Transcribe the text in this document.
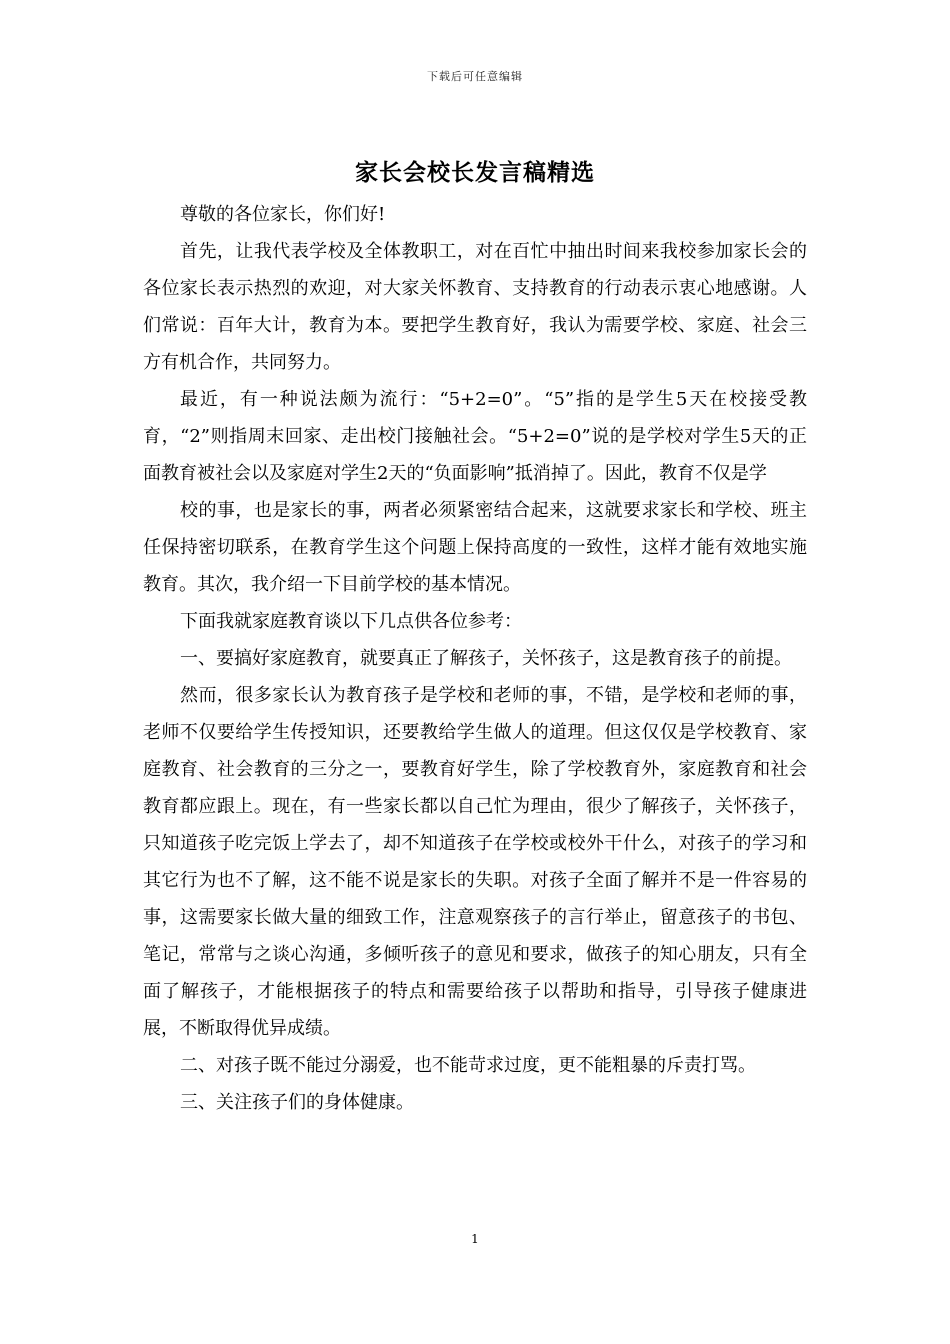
下载后可任意编辑
家长会校长发言稿精选

尊敬的各位家长，你们好!

首先，让我代表学校及全体教职工，对在百忙中抽出时间来我校参加家长会的各位家长表示热烈的欢迎，对大家关怀教育、支持教育的行动表示衷心地感谢。人们常说：百年大计，教育为本。要把学生教育好，我认为需要学校、家庭、社会三方有机合作，共同努力。

最近，有一种说法颇为流行：“5+2=0”。“5”指的是学生5天在校接受教育，“2”则指周末回家、走出校门接触社会。“5+2=0”说的是学校对学生5天的正面教育被社会以及家庭对学生2天的“负面影响”抵消掉了。因此，教育不仅是学

校的事，也是家长的事，两者必须紧密结合起来，这就要求家长和学校、班主任保持密切联系，在教育学生这个问题上保持高度的一致性，这样才能有效地实施教育。其次，我介绍一下目前学校的基本情况。

下面我就家庭教育谈以下几点供各位参考：

一、要搞好家庭教育，就要真正了解孩子，关怀孩子，这是教育孩子的前提。

然而，很多家长认为教育孩子是学校和老师的事，不错，是学校和老师的事，老师不仅要给学生传授知识，还要教给学生做人的道理。但这仅仅是学校教育、家庭教育、社会教育的三分之一，要教育好学生，除了学校教育外，家庭教育和社会教育都应跟上。现在，有一些家长都以自己忙为理由，很少了解孩子，关怀孩子，只知道孩子吃完饭上学去了，却不知道孩子在学校或校外干什么，对孩子的学习和其它行为也不了解，这不能不说是家长的失职。对孩子全面了解并不是一件容易的事，这需要家长做大量的细致工作，注意观察孩子的言行举止，留意孩子的书包、笔记，常常与之谈心沟通，多倾听孩子的意见和要求，做孩子的知心朋友，只有全面了解孩子，才能根据孩子的特点和需要给孩子以帮助和指导，引导孩子健康进展，不断取得优异成绩。

二、对孩子既不能过分溺爱，也不能苛求过度，更不能粗暴的斥责打骂。

三、关注孩子们的身体健康。

1
